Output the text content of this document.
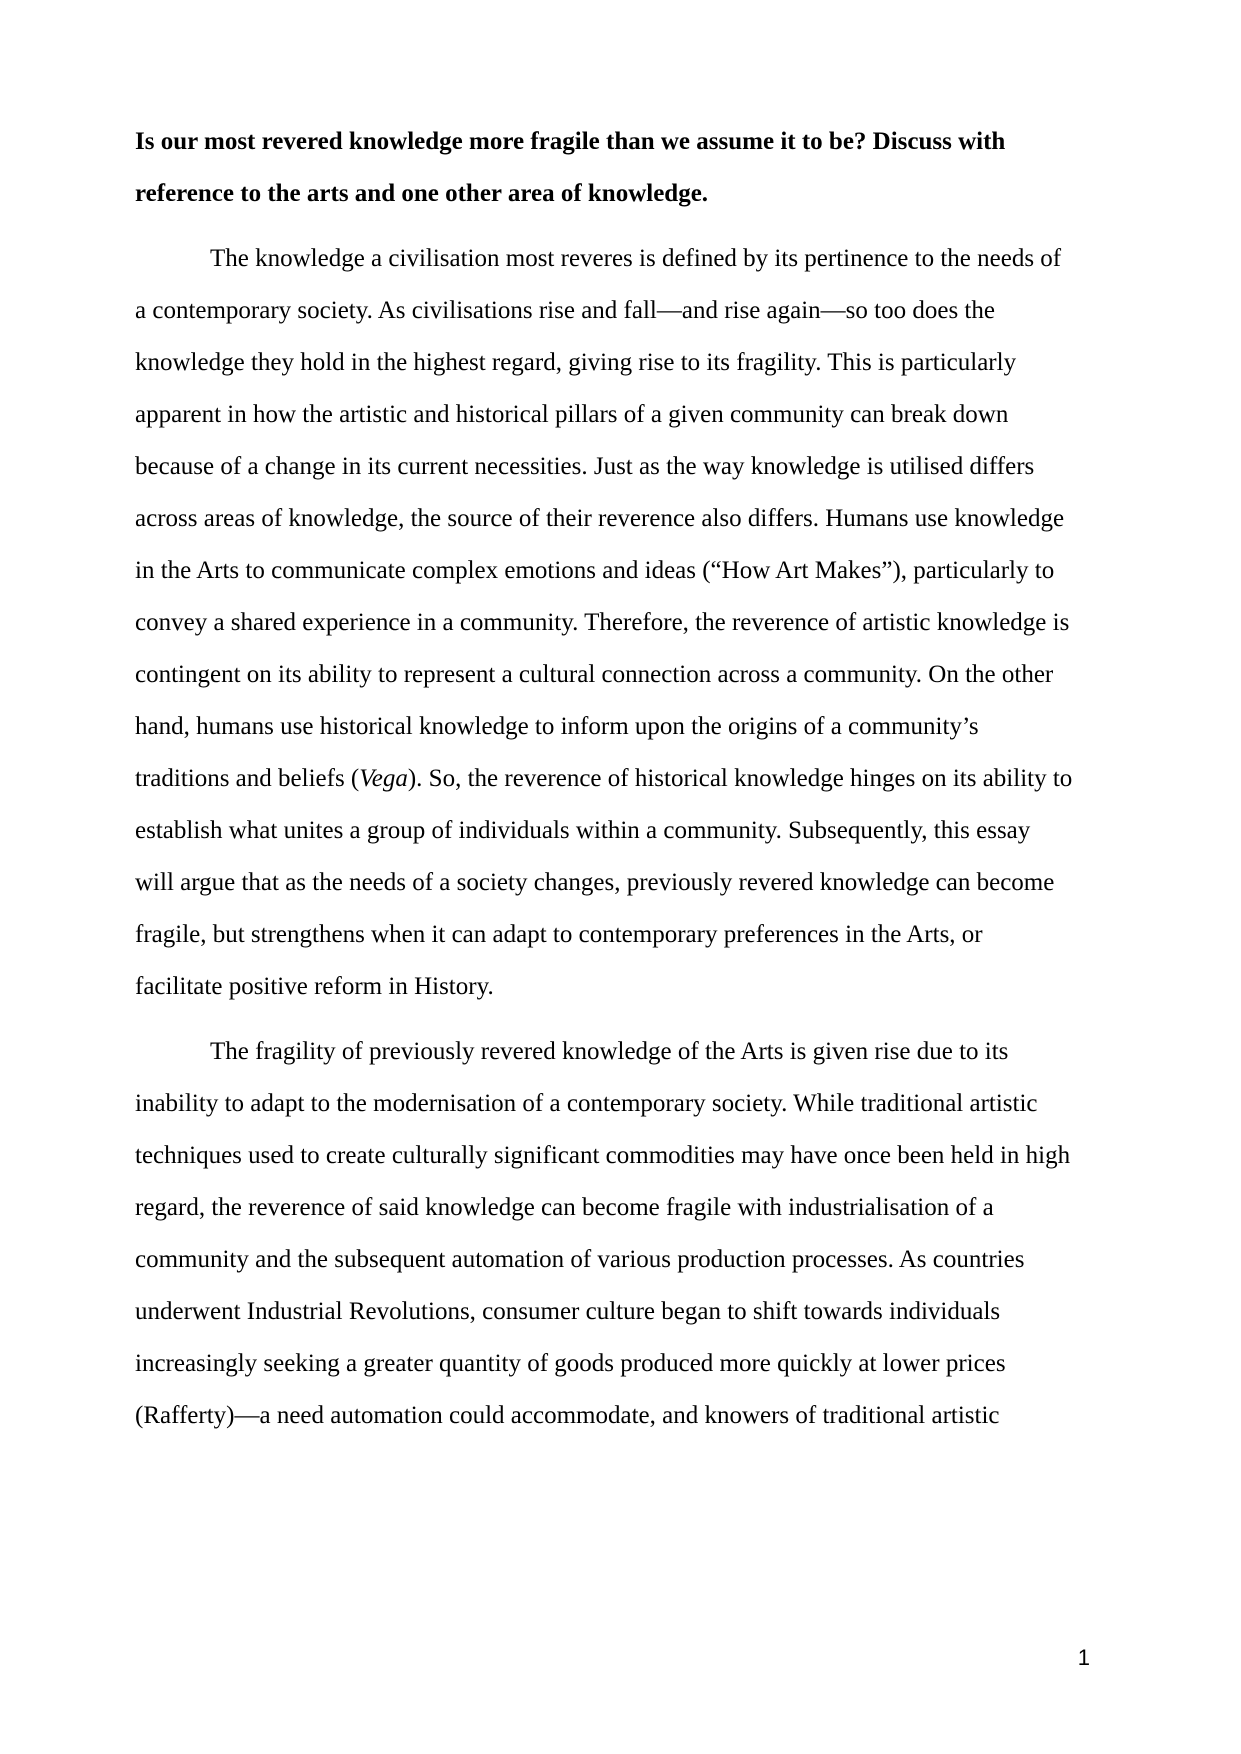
Is our most revered knowledge more fragile than we assume it to be? Discuss with
reference to the arts and one other area of knowledge.
The knowledge a civilisation most reveres is defined by its pertinence to the needs of
a contemporary society. As civilisations rise and fall—and rise again—so too does the
knowledge they hold in the highest regard, giving rise to its fragility. This is particularly
apparent in how the artistic and historical pillars of a given community can break down
because of a change in its current necessities. Just as the way knowledge is utilised differs
across areas of knowledge, the source of their reverence also differs. Humans use knowledge
in the Arts to communicate complex emotions and ideas (“How Art Makes”), particularly to
convey a shared experience in a community. Therefore, the reverence of artistic knowledge is
contingent on its ability to represent a cultural connection across a community. On the other
hand, humans use historical knowledge to inform upon the origins of a community’s
traditions and beliefs (Vega). So, the reverence of historical knowledge hinges on its ability to
establish what unites a group of individuals within a community. Subsequently, this essay
will argue that as the needs of a society changes, previously revered knowledge can become
fragile, but strengthens when it can adapt to contemporary preferences in the Arts, or
facilitate positive reform in History.
The fragility of previously revered knowledge of the Arts is given rise due to its
inability to adapt to the modernisation of a contemporary society. While traditional artistic
techniques used to create culturally significant commodities may have once been held in high
regard, the reverence of said knowledge can become fragile with industrialisation of a
community and the subsequent automation of various production processes. As countries
underwent Industrial Revolutions, consumer culture began to shift towards individuals
increasingly seeking a greater quantity of goods produced more quickly at lower prices
(Rafferty)—a need automation could accommodate, and knowers of traditional artistic
1
